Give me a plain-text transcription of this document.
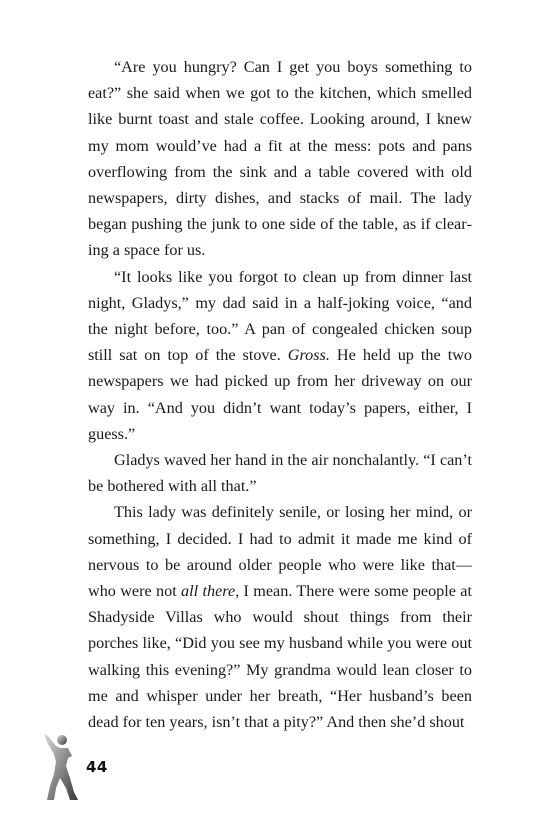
“Are you hungry? Can I get you boys something to eat?” she said when we got to the kitchen, which smelled like burnt toast and stale coffee. Looking around, I knew my mom would’ve had a fit at the mess: pots and pans overflowing from the sink and a table covered with old newspapers, dirty dishes, and stacks of mail. The lady began pushing the junk to one side of the table, as if clearing a space for us.

“It looks like you forgot to clean up from dinner last night, Gladys,” my dad said in a half-joking voice, “and the night before, too.” A pan of congealed chicken soup still sat on top of the stove. Gross. He held up the two newspapers we had picked up from her driveway on our way in. “And you didn’t want today’s papers, either, I guess.”

Gladys waved her hand in the air nonchalantly. “I can’t be bothered with all that.”

This lady was definitely senile, or losing her mind, or something, I decided. I had to admit it made me kind of nervous to be around older people who were like that—who were not all there, I mean. There were some people at Shadyside Villas who would shout things from their porches like, “Did you see my husband while you were out walking this evening?” My grandma would lean closer to me and whisper under her breath, “Her husband’s been dead for ten years, isn’t that a pity?” And then she’d shout

44
